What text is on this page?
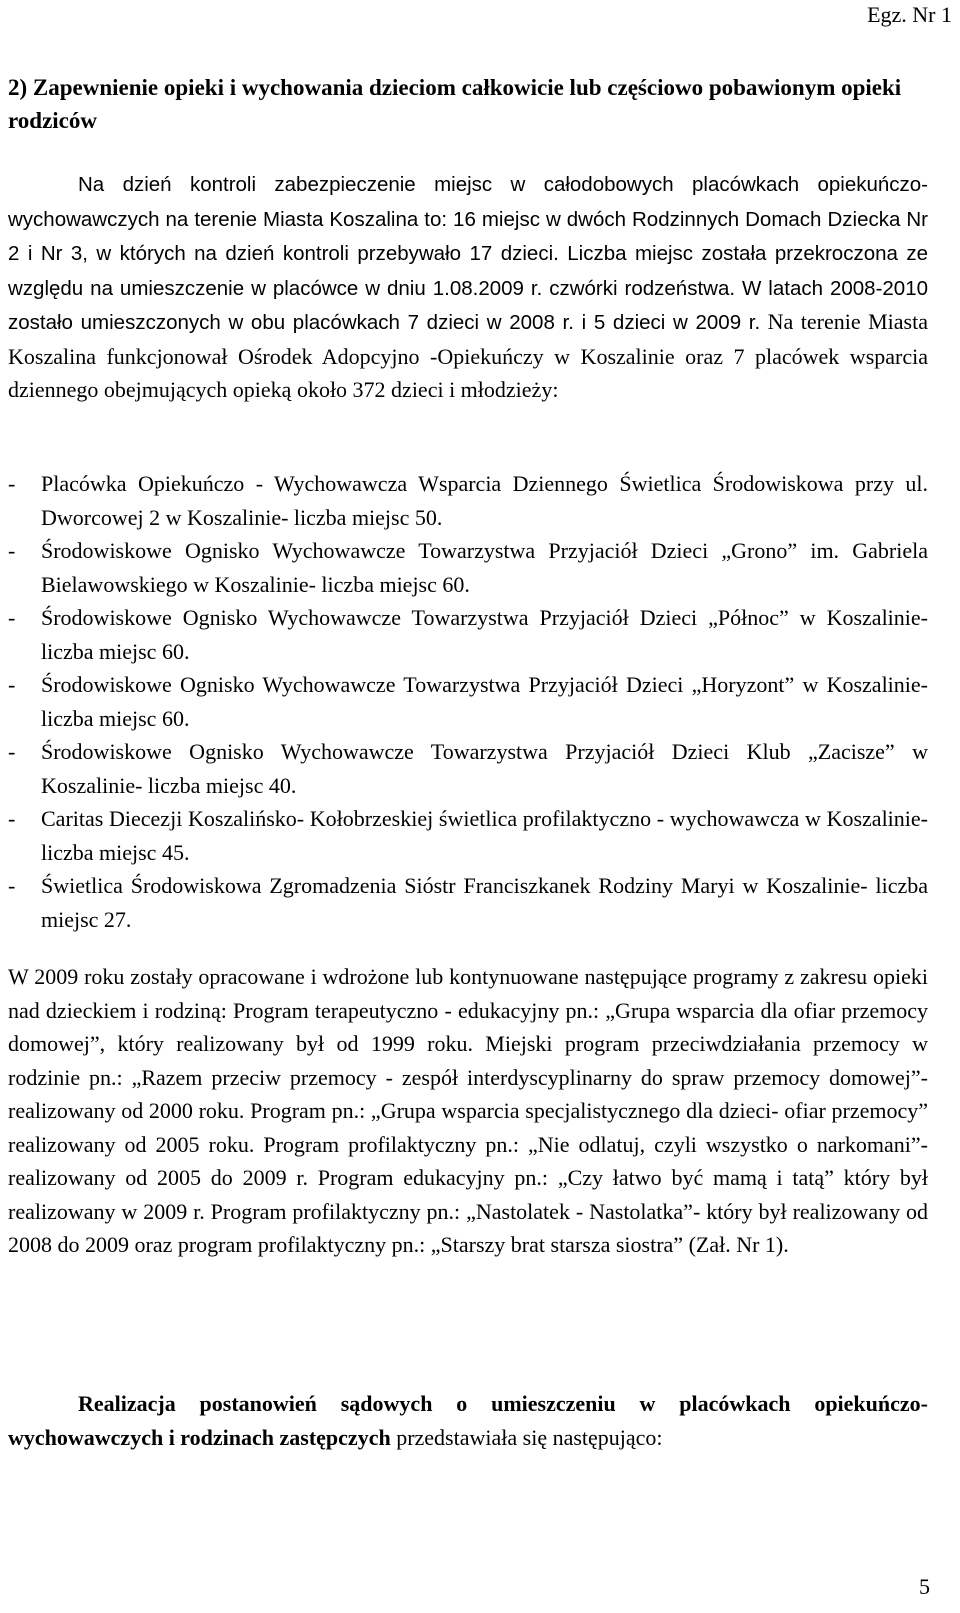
Egz. Nr 1
2) Zapewnienie opieki i wychowania dzieciom całkowicie lub częściowo pobawionym opieki rodziców

Na dzień kontroli zabezpieczenie miejsc w całodobowych placówkach opiekuńczo-wychowawczych na terenie Miasta Koszalina to: 16 miejsc w dwóch Rodzinnych Domach Dziecka Nr 2 i Nr 3, w których na dzień kontroli przebywało 17 dzieci. Liczba miejsc została przekroczona ze względu na umieszczenie w placówce w dniu 1.08.2009 r. czwórki rodzeństwa. W latach 2008-2010 zostało umieszczonych w obu placówkach 7 dzieci w 2008 r. i 5 dzieci w 2009 r. Na terenie Miasta Koszalina funkcjonował Ośrodek Adopcyjno -Opiekuńczy w Koszalinie oraz 7 placówek wsparcia dziennego obejmujących opieką około 372 dzieci i młodzieży:

-	Placówka Opiekuńczo - Wychowawcza Wsparcia Dziennego Świetlica Środowiskowa przy ul. Dworcowej 2 w Koszalinie- liczba miejsc 50.
-	Środowiskowe Ognisko Wychowawcze Towarzystwa Przyjaciół Dzieci „Grono” im. Gabriela Bielawowskiego w Koszalinie- liczba miejsc 60.
-	Środowiskowe Ognisko Wychowawcze Towarzystwa Przyjaciół Dzieci „Północ” w Koszalinie- liczba miejsc 60.
-	Środowiskowe Ognisko Wychowawcze Towarzystwa Przyjaciół Dzieci „Horyzont” w Koszalinie- liczba miejsc 60.
-	Środowiskowe Ognisko Wychowawcze Towarzystwa Przyjaciół Dzieci Klub „Zacisze” w Koszalinie- liczba miejsc 40.
-	Caritas Diecezji Koszalińsko- Kołobrzeskiej świetlica profilaktyczno - wychowawcza w Koszalinie- liczba miejsc 45.
-	Świetlica Środowiskowa Zgromadzenia Sióstr Franciszkanek Rodziny Maryi w Koszalinie- liczba miejsc 27.

W 2009 roku zostały opracowane i wdrożone lub kontynuowane następujące programy z zakresu opieki nad dzieckiem i rodziną: Program terapeutyczno - edukacyjny pn.: „Grupa wsparcia dla ofiar przemocy domowej”, który realizowany był od 1999 roku. Miejski program przeciwdziałania przemocy w rodzinie pn.: „Razem przeciw przemocy - zespół interdyscyplinarny do spraw przemocy domowej”- realizowany od 2000 roku. Program pn.: „Grupa wsparcia specjalistycznego dla dzieci- ofiar przemocy” realizowany od 2005 roku. Program profilaktyczny pn.: „Nie odlatuj, czyli wszystko o narkomani”- realizowany od 2005 do 2009 r. Program edukacyjny pn.: „Czy łatwo być mamą i tatą” który był realizowany w 2009 r. Program profilaktyczny pn.: „Nastolatek - Nastolatka”- który był realizowany od 2008 do 2009 oraz program profilaktyczny pn.: „Starszy brat starsza siostra” (Zał. Nr 1).

Realizacja postanowień sądowych o umieszczeniu w placówkach opiekuńczo-wychowawczych i rodzinach zastępczych przedstawiała się następująco:

5
